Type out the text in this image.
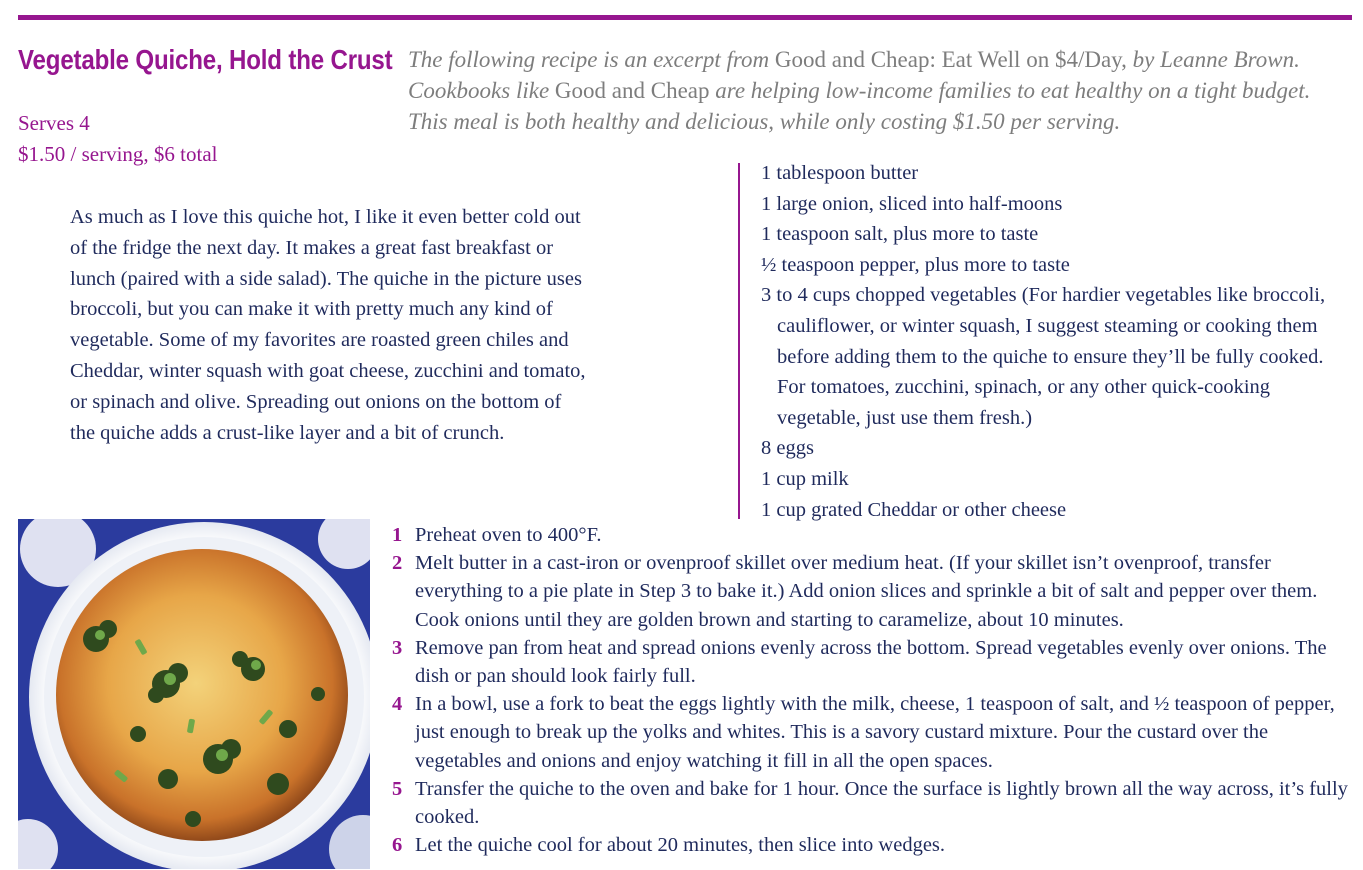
Vegetable Quiche, Hold the Crust
Serves 4
$1.50 / serving, $6 total

The following recipe is an excerpt from Good and Cheap: Eat Well on $4/Day, by Leanne Brown. Cookbooks like Good and Cheap are helping low-income families to eat healthy on a tight budget. This meal is both healthy and delicious, while only costing $1.50 per serving.

As much as I love this quiche hot, I like it even better cold out of the fridge the next day. It makes a great fast breakfast or lunch (paired with a side salad). The quiche in the picture uses broccoli, but you can make it with pretty much any kind of vegetable. Some of my favorites are roasted green chiles and Cheddar, winter squash with goat cheese, zucchini and tomato, or spinach and olive. Spreading out onions on the bottom of the quiche adds a crust-like layer and a bit of crunch.

1 tablespoon butter
1 large onion, sliced into half-moons
1 teaspoon salt, plus more to taste
½ teaspoon pepper, plus more to taste
3 to 4 cups chopped vegetables (For hardier vegetables like broccoli, cauliflower, or winter squash, I suggest steaming or cooking them before adding them to the quiche to ensure they’ll be fully cooked. For tomatoes, zucchini, spinach, or any other quick-cooking vegetable, just use them fresh.)
8 eggs
1 cup milk
1 cup grated Cheddar or other cheese
1 Preheat oven to 400°F.
2 Melt butter in a cast-iron or ovenproof skillet over medium heat. (If your skillet isn’t ovenproof, transfer everything to a pie plate in Step 3 to bake it.) Add onion slices and sprinkle a bit of salt and pepper over them. Cook onions until they are golden brown and starting to caramelize, about 10 minutes.
3 Remove pan from heat and spread onions evenly across the bottom. Spread vegetables evenly over onions. The dish or pan should look fairly full.
4 In a bowl, use a fork to beat the eggs lightly with the milk, cheese, 1 teaspoon of salt, and ½ teaspoon of pepper, just enough to break up the yolks and whites. This is a savory custard mixture. Pour the custard over the vegetables and onions and enjoy watching it fill in all the open spaces.
5 Transfer the quiche to the oven and bake for 1 hour. Once the surface is lightly brown all the way across, it’s fully cooked.
6 Let the quiche cool for about 20 minutes, then slice into wedges.
